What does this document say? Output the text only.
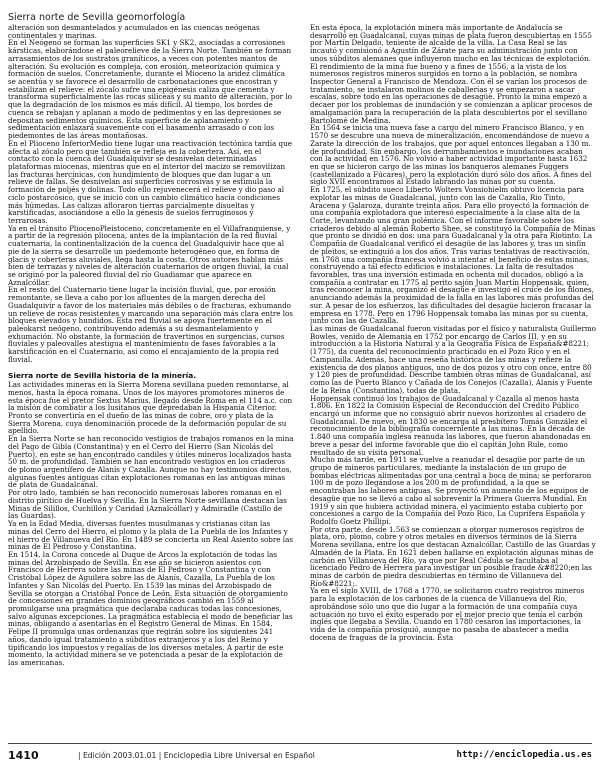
Sierra norte de Sevilla geomorfología

alteración son desmantelados y acumulados en las cuencas neógenas continentales y marinas.

En el Neógeno se forman las superficies SK1 y SK2, asociadas a corrosiones kársticas, elaborándose el paleorelieve de la Sierra Norte. También se forman arrasamientos de los sustratos graníticos, a veces con potentes mantos de alteración. Su evolución es compleja, con erosión, meteorización química y formación de suelos. Concretamente, durante el Mioceno la aridez climática se acentúa y se favorece el desarrollo de carbonataciones que encostran y estabilizan el relieve: el zócalo sufre una epigénesis caliza que cementa y transforma superficialmente las rocas silíceas y su manto de alteración, por lo que la degradación de los mismos es más difícil. Al tiempo, los bordes de cuenca se rebajan y aplanan a modo de pedimentos y en las depresiones se depositan sedimentos químicos. Esta superficie de aplanamiento y sedimentación enlazará suavemente con el basamento arrasado o con los piedemontes de las áreas montañosas.

En el Plioceno InferiorMedio tiene lugar una reactivación tectónica tardía que afecta al zócalo pero que también se refleja en la cobertera. Así, en el contacto con la cuenca del Guadalquivir se desnivelan determinadas plataformas miocenas, mientras que en el interior del macizo se removilizan las fracturas hercínicas, con hundimiento de bloques que dan lugar a un relieve de fallas. Se desnivelan así superficies corrosivas y se estimula la formación de poljés y dolinas. Todo ello rejuvenecerá el relieve y dio paso al ciclo postarcósico, que se inició con un cambio climático hacia condiciones más húmedas. Las calizas afloraron tierras parcialmente disueltas y karstificadas, asociándose a ello la génesis de suelos ferruginosos y terrarosas.

Ya en el tránsito PliocenoPleistoceno, concretamente en el Villafranquiense, y a partir de la regresión pliocena, antes de la implantación de la red fluvial cuaternaria, la continentalización de la cuenca del Guadalquivir hace que al pie de la sierra se desarrolle un piedemonte heterogéneo que, en forma de glacis y coberteras aluviales, llega hasta la costa. Otros autores hablan más bien de terrazas y niveles de alteración cuaternarios de origen fluvial, la cual se originó por la paleored fluvial del río Guadiamar que aparece en Aznalcóllar.

En el resto del Cuaternario tiene lugar la incisión fluvial, que, por erosión remontante, se lleva a cabo por los afluentes de la margen derecha del Guadalquivir a favor de los materiales más débiles o de fracturas, exhumando un relieve de rocas resistentes y marcando una separación más clara entre los bloques elevados y hundidos. Esta red fluvial se apoya fuertemente en el paleokarst neógeno, contribuyendo además a su desmantelamiento y exhumación. No obstante, la formación de travertinos en surgencias, cursos fluviales y paleovalles atestigua el mantenimiento de fases favorables a la karstificación en el Cuaternario, así como el encajamiento de la propia red fluvial.

Sierra norte de Sevilla historia de la minería.

Las actividades mineras en la Sierra Morena sevillana pueden remontarse, al menos, hasta la época romana. Unos de los mayores promotores mineros de esta época fue el pretor Sextus Marius, llegado desde Roma en el 114 a.c. con la misión de combatir a los lusitanos que depredaban la Hispania Citerior. Pronto se convertiría en el dueño de las minas de cobre, oro y plata de la Sierra Morena, cuya denominación procede de la deformación popular de su apellido.

En la Sierra Norte se han reconocido vestigios de trabajos romanos en la mina del Pago de Gibla (Constantina) y en el Cerro del Hierro (San Nicolás del Puerto), en este se han encontrado candiles y útiles mineros localizados hasta 50 m. de profundidad. También se han encontrado vestigios en los criaderos de plomo argentífero de Alanís y Cazalla. Aunque no hay testimonios directos, algunas fuentes antiguas citan explotaciones romanas en las antiguas minas de plata de Guadalcanal.

Por otro lado, también se han reconocido numerosas labores romanas en el distrito pirítico de Huelva y Sevilla. En la Sierra Norte sevillana destacan las Minas de Silillos, Cuchillón y Caridad (Aznalcóllar) y Admiradle (Castillo de las Guardas).

Ya en la Edad Media, diversas fuentes musulmanas y cristianas citan las minas del Cerro del Hierro, el plomo y la plata de La Puebla de los Infantes y el hierro de Villanueva del Río. En 1489 se concierta un Real Asiento sobre las minas de El Pedroso y Constantina.

En 1514, la Corona concede al Duque de Arcos la explotación de todas las minas del Arzobispado de Sevilla. En ese año se hicieron asientos con Francisco de Herrera sobre las minas de El Pedroso y Constantina y con Cristóbal López de Aguilera sobre las de Alanís, Cazalla, La Puebla de los Infantes y San Nicolás del Puerto. En 1539 las minas del Arzobispado de Sevilla se otorgan a Cristóbal Ponce de León. Esta situación de otorgamiento de concesiones en grandes dominios geográficos cambió en 1559 al promulgarse una pragmática que declaraba caducas todas las concesiones, salvo algunas excepciones. La pragmática establecía el modo de beneficiar las minas, obligando a asentarlas en el Registro General de Minas. En 1584, Felipe II promulga unas ordenanzas que regirán sobre los siguientes 241 años, dando igual tratamiento a súbditos extranjeros y a los del Reino y tipificando los impuestos y regalías de los diversos metales. A partir de este momento, la actividad minera se ve potenciada a pesar de la explotación de las americanas.

En esta época, la explotación minera más importante de Andalucía se desarrolló en Guadalcanal, cuyas minas de plata fueron descubiertas en 1555 por Martín Delgado, teniente de alcalde de la villa. La Casa Real se las incautó y comisionó a Agustín de Zárate para su administración junto con unos súbditos alemanes que influyeron mucho en las técnicas de explotación. El rendimiento de la mina fue bueno y a fines de 1556, a la vista de los numerosos registros mineros surgidos en torno a la población, se nombra Inspector General a Francisco de Mendoza. Con él se varían los procesos de tratamiento, se instalaron molinos de caballerías y se empezaron a sacar escalas, sobre todo en las operaciones de desagüe. Pronto la mina empezó a decaer por los problemas de inundación y se comienzan a aplicar procesos de amalgamación para la recuperación de la plata descubiertos por el sevillano Bartolomé de Medina.

En 1564 se inicia una nueva fase a cargo del minero Francisco Blanco, y en 1570 se descubre una nueva de mineralización, encomendándose de nuevo a Zarate la dirección de los trabajos, que por aquel entonces llegaban a 130 m. de profundidad. Sin embargo, los derrumbamientos e inundaciones acaban con la actividad en 1576. No volvió a haber actividad importante hasta 1632 en que se hicieron cargo de las minas los banqueros alemanes Fuggers (castellanizado a Fúcares), pero la explotación duró sólo dos años. A fines del siglo XVII encontramos al Estado labrando las minas por su cuenta.

En 1725, el súbdito sueco Liberto Wolters Vonsiohielm obtuvo licencia para explotar las minas de Guadalcanal, junto con las de Cazalla, Rio Tinto, Aracena y Galaroza, durante treinta años. Para ello proyectó la formación de una compañía explotadora que interesó especialmente a la clase alta de la Corte, levantando una gran polémica. Con el informe favorable sobre los criaderos debido al alemán Roberto Shee, se constituyó la Compañía de Minas que pronto se dividió en dos: una para Guadalcanal y la otra para Riotinto. La Compañía de Guadalcanal verificó el desagüe de las labores y, tras un sinfín de pleitos, se extinguió a los dos años. Tras varias tentativas de reactivación, en 1768 una compañía francesa volvió a intentar el beneficio de estas minas, construyendo a tal efecto edificios e instalaciones. La falta de resultados favorables, tras una inversión estimada en ochenta mil ducados, obligó a la compañía a contratar en 1775 al perito sajón Juan Martín Hoppensak, quien, tras reconocer la mina, organizó el desagüe e investigó el cruce de los filones, anunciando además la proximidad de la falla en las labores más profundas del sur. A pesar de los esfuerzos, las dificultades del desagüe hicieron fracasar la empresa en 1778. Pero en 1796 Hoppensak tomaba las minas por su cuenta, junto con las de Cazalla.

Las minas de Guadalcanal fueron visitadas por el físico y naturalista Guillermo Bowles, venido de Alemania en 1752 por encargo de Carlos III, y en su introducción a la Historia Natural y a la Geografía Física de España&#8221; (1775), da cuenta del reconocimiento practicado en el Pozo Rico y en el Campanilla. Además, hace una reseña histórica de las minas y refiere la existencia de dos planos antiguos, uno de dos pozos y otro con once, entre 80 y 120 pies de profundidad. Describe también otras minas de Guadalcanal, así como las de Puerto Blanco y Cañada de los Conejos (Cazalla), Alanís y Fuente de la Reina (Constantina), todas de plata.

Hoppensak continuó los trabajos de Guadalcanal y Cazalla al menos hasta 1.806. En 1822 la Comisión Especial de Reconducción del Crédito Público encargó un informe que no consiguió abrir nuevos horizontes al criadero de Guadalcanal. De nuevo, en 1830 se encarga al presbítero Tomás González el reconocimiento de la bibliografía concerniente a las minas. En la década de 1.840 una compañía inglesa reanuda las labores, que fueron abandonadas en breve a pesar del informe favorable que dio el capitán John Rule, como resultado de su visita personal.

Mucho más tarde, en 1911 se vuelve a reanudar el desagüe por parte de un grupo de mineros particulares, mediante la instalación de un grupo de bombas eléctricas alimentadas por una central a boca de mina; se perforaron 100 m de pozo llegándose a los 200 m de profundidad, a la que se encontraban las labores antiguas. Se proyectó un aumento de los equipos de desagüe que no se llevó a cabo al sobrevenir la Primera Guerra Mundial. En 1919 y sin que hubiera actividad minera, el yacimiento estaba cubierto por concesiones a cargo de la Compañía del Pozo Rico, La Cuprífera Española y Rodolfo Goetz Phillipi.

Por otra parte, desde 1.563 se comienzan a otorgar numerosos registros de plata, oro, plomo, cobre y otros metales en diversos términos de la Sierra Morena sevillana, entre los que destacan Aznalcóllar, Castillo de las Guardas y Almadén de la Plata. En 1621 deben hallarse en explotación algunas minas de carbón en Villanueva del Río, ya que por Real Cédula se facultaba al licenciado Pedro de Herrera para investigar un posible fraude &#8220;en las minas de carbón de piedra descubiertas en término de Villanueva del Río&#8221;.

Ya en el siglo XVIII, de 1768 a 1770, se solicitaron cuatro registros mineros para la explotación de los carbones de la cuenca de Villanueva del Río, aprobándose sólo uno que dio lugar a la formación de una compañía cuya actuación no tuvo el éxito esperado por el mejor precio que tenía el carbón inglés que llegaba a Sevilla. Cuando en 1780 cesaron las importaciones, la vida de la compañía prosiguió, aunque no pasaba de abastecer a media docena de fraguas de la provincia. Esta

1410	| Edición 2003.01.01 | Enciclopedia Libre Universal en Español	http://enciclopedia.us.es
